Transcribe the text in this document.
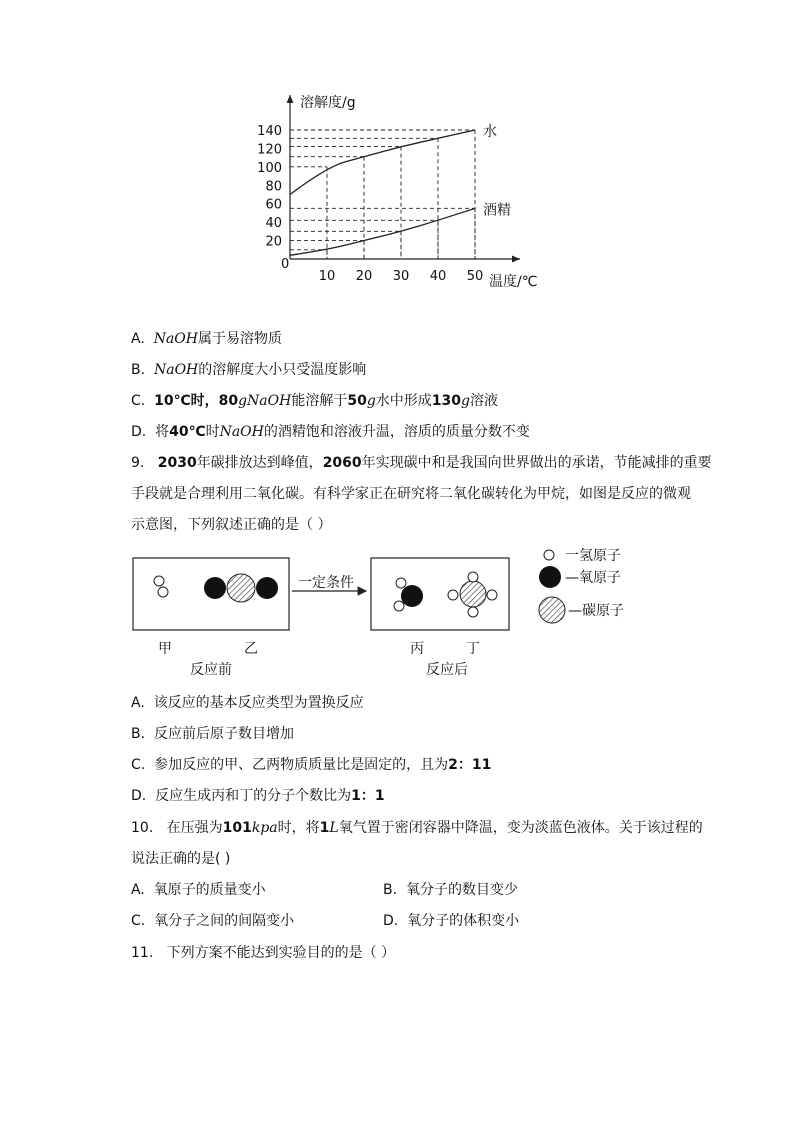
溶解度/g
温度/℃
0
20
40
60
80
100
120
140
10 20 30 40 50
水
酒精
A. NaOH属于易溶物质
B. NaOH的溶解度大小只受温度影响
C. 10℃时，80gNaOH能溶解于50g水中形成130g溶液
D. 将40℃时NaOH的酒精饱和溶液升温，溶质的质量分数不变
9. 2030年碳排放达到峰值，2060年实现碳中和是我国向世界做出的承诺，节能减排的重要
手段就是合理利用二氧化碳。有科学家正在研究将二氧化碳转化为甲烷，如图是反应的微观
示意图，下列叙述正确的是（ ）
一定条件
甲	乙
反应前
丙	丁
反应后
一氢原子
—氧原子
—碳原子
A. 该反应的基本反应类型为置换反应
B. 反应前后原子数目增加
C. 参加反应的甲、乙两物质质量比是固定的，且为2：11
D. 反应生成丙和丁的分子个数比为1：1
10. 在压强为101kpa时，将1L氧气置于密闭容器中降温，变为淡蓝色液体。关于该过程的
说法正确的是( )
A. 氧原子的质量变小	B. 氧分子的数目变少
C. 氧分子之间的间隔变小	D. 氧分子的体积变小
11. 下列方案不能达到实验目的的是（ ）
